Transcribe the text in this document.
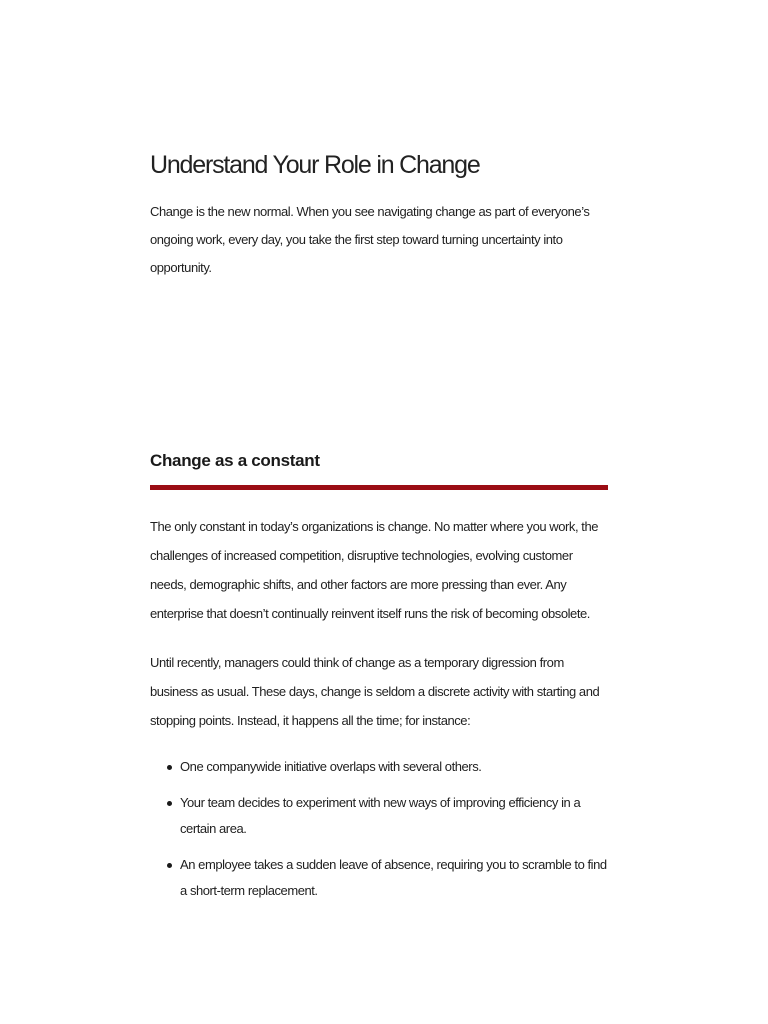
Understand Your Role in Change

Change is the new normal. When you see navigating change as part of everyone’s ongoing work, every day, you take the first step toward turning uncertainty into opportunity.

Change as a constant

The only constant in today’s organizations is change. No matter where you work, the challenges of increased competition, disruptive technologies, evolving customer needs, demographic shifts, and other factors are more pressing than ever. Any enterprise that doesn’t continually reinvent itself runs the risk of becoming obsolete.

Until recently, managers could think of change as a temporary digression from business as usual. These days, change is seldom a discrete activity with starting and stopping points. Instead, it happens all the time; for instance:

One companywide initiative overlaps with several others.
Your team decides to experiment with new ways of improving efficiency in a certain area.
An employee takes a sudden leave of absence, requiring you to scramble to find a short-term replacement.
